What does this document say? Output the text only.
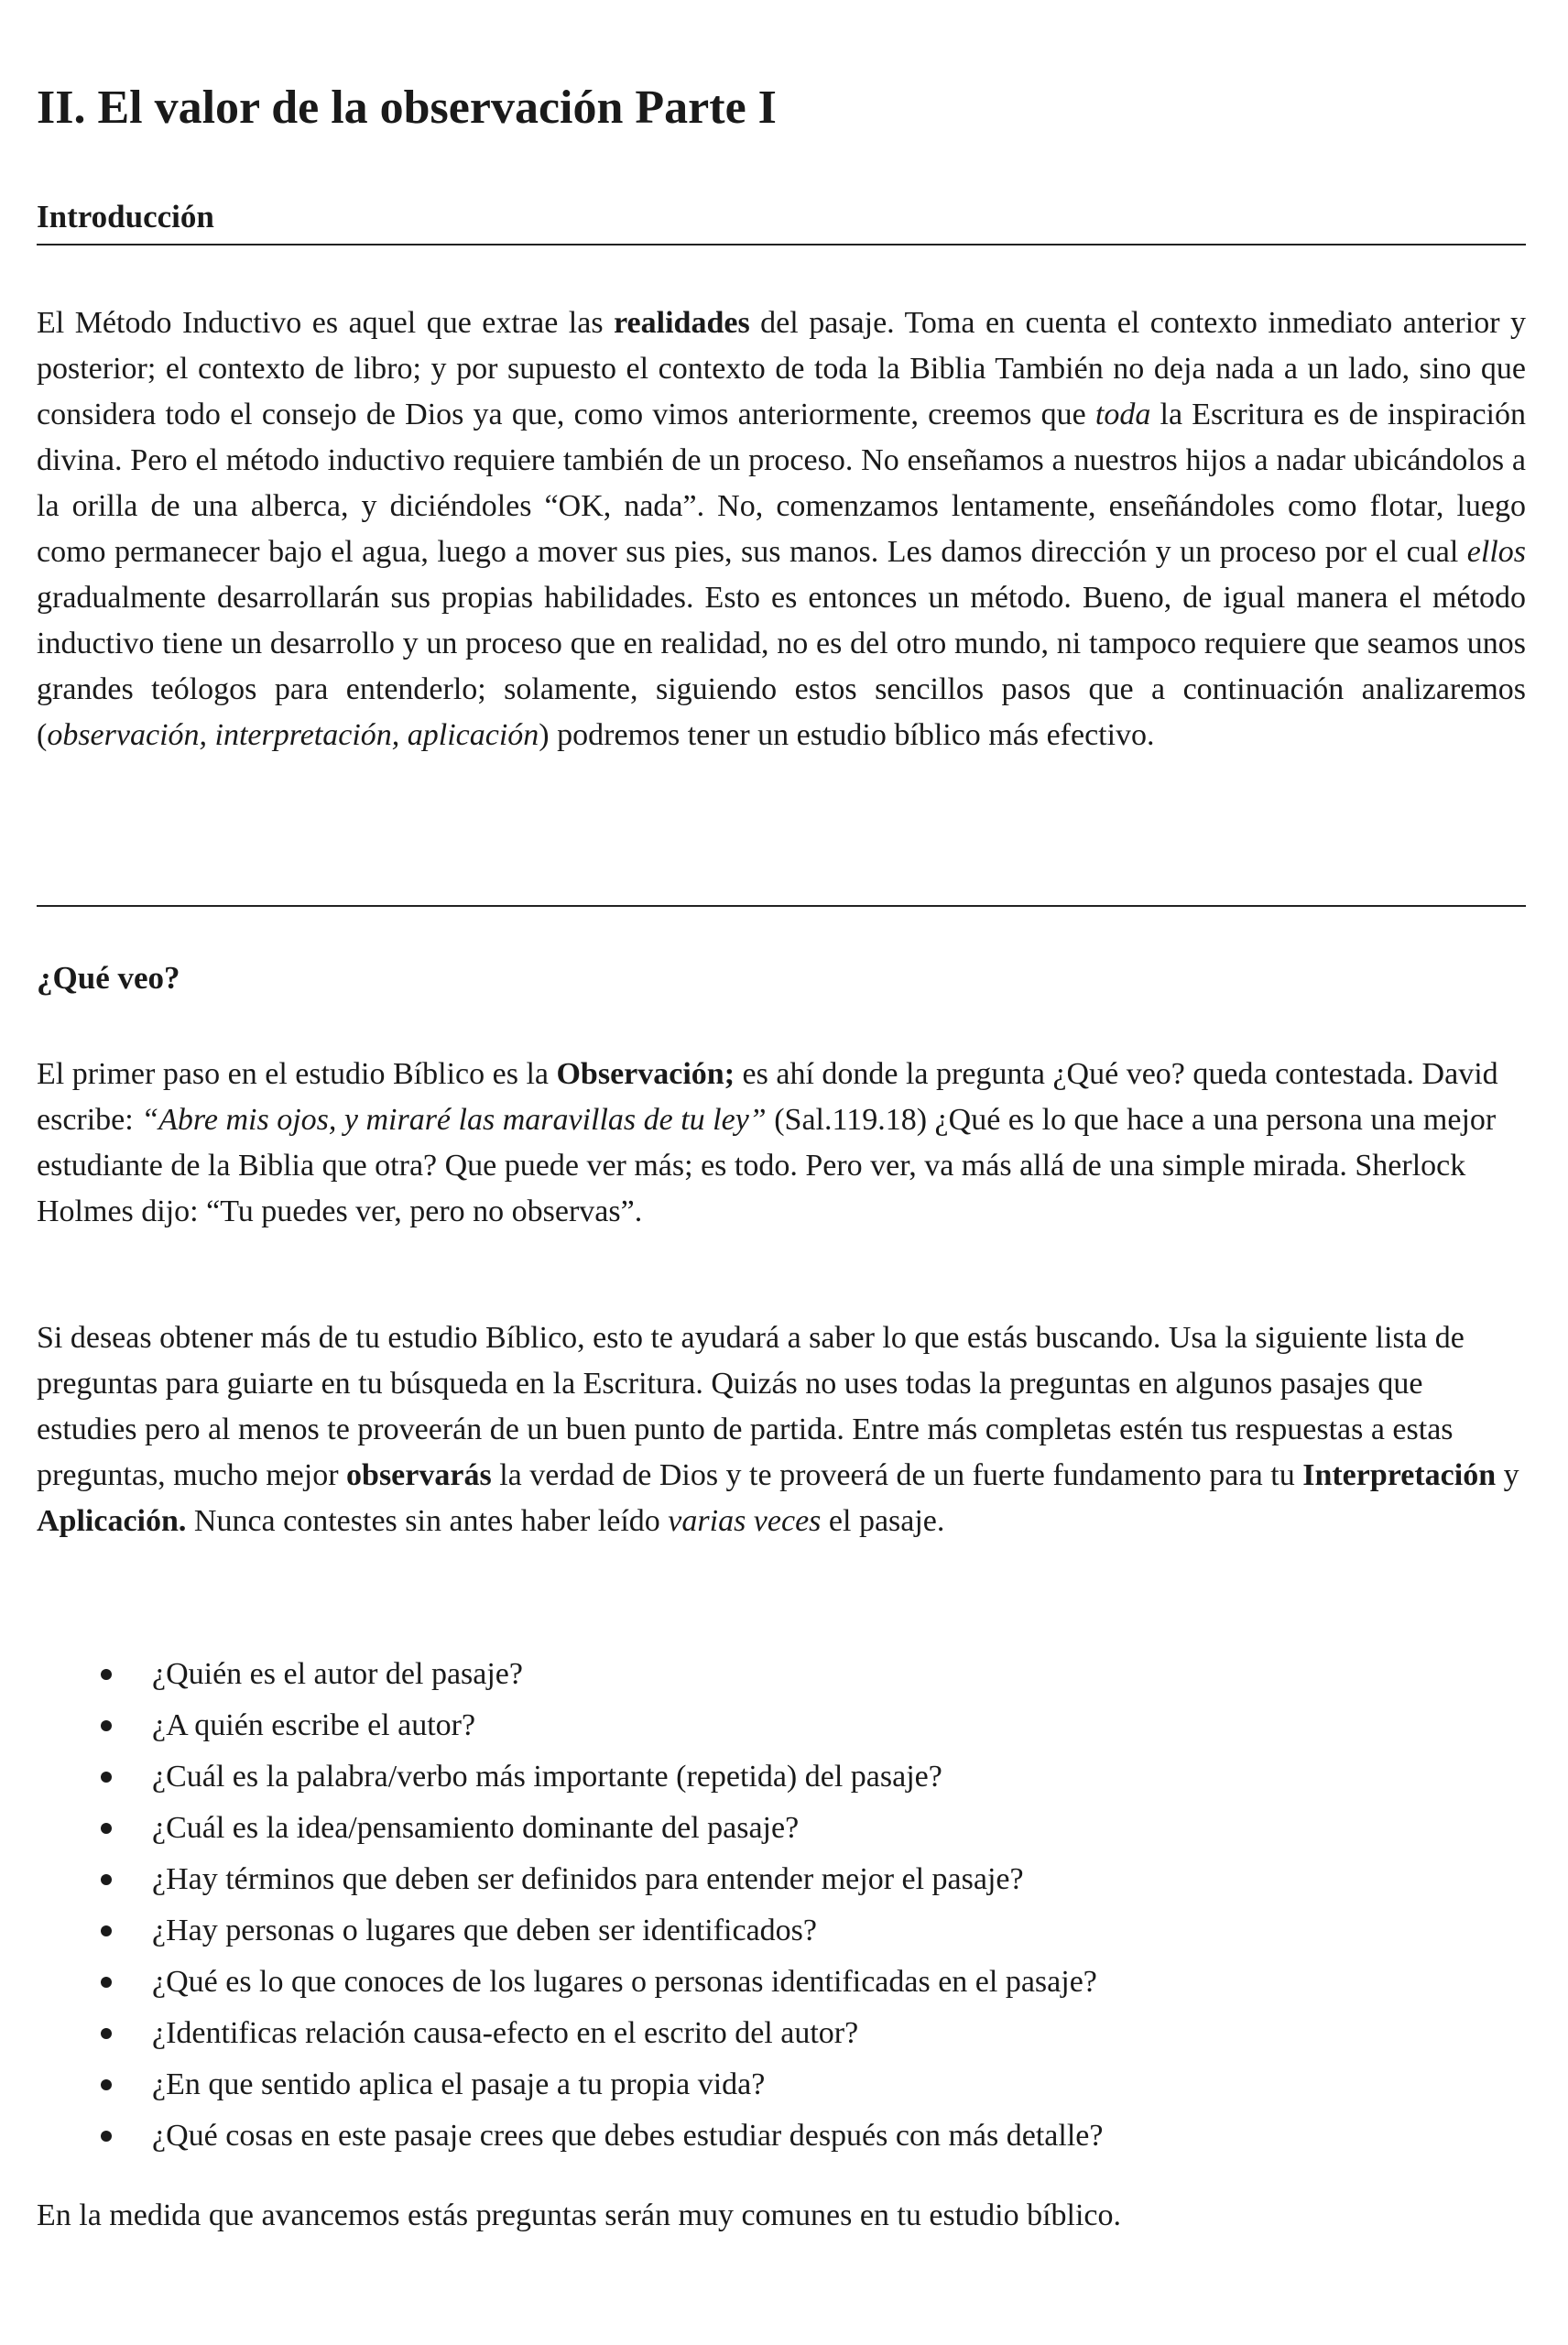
II. El valor de la observación Parte I
Introducción
El Método Inductivo es aquel que extrae las realidades del pasaje. Toma en cuenta el contexto inmediato anterior y posterior; el contexto de libro; y por supuesto el contexto de toda la Biblia También no deja nada a un lado, sino que considera todo el consejo de Dios ya que, como vimos anteriormente, creemos que toda la Escritura es de inspiración divina. Pero el método inductivo requiere también de un proceso. No enseñamos a nuestros hijos a nadar ubicándolos a la orilla de una alberca, y diciéndoles “OK, nada”. No, comenzamos lentamente, enseñándoles como flotar, luego como permanecer bajo el agua, luego a mover sus pies, sus manos. Les damos dirección y un proceso por el cual ellos gradualmente desarrollarán sus propias habilidades. Esto es entonces un método. Bueno, de igual manera el método inductivo tiene un desarrollo y un proceso que en realidad, no es del otro mundo, ni tampoco requiere que seamos unos grandes teólogos para entenderlo; solamente, siguiendo estos sencillos pasos que a continuación analizaremos (observación, interpretación, aplicación) podremos tener un estudio bíblico más efectivo.
¿Qué veo?
El primer paso en el estudio Bíblico es la Observación; es ahí donde la pregunta ¿Qué veo? queda contestada. David escribe: “Abre mis ojos, y miraré las maravillas de tu ley” (Sal.119.18) ¿Qué es lo que hace a una persona una mejor estudiante de la Biblia que otra? Que puede ver más; es todo. Pero ver, va más allá de una simple mirada. Sherlock Holmes dijo: “Tu puedes ver, pero no observas”.
Si deseas obtener más de tu estudio Bíblico, esto te ayudará a saber lo que estás buscando. Usa la siguiente lista de preguntas para guiarte en tu búsqueda en la Escritura. Quizás no uses todas la preguntas en algunos pasajes que estudies pero al menos te proveerán de un buen punto de partida. Entre más completas estén tus respuestas a estas preguntas, mucho mejor observarás la verdad de Dios y te proveerá de un fuerte fundamento para tu Interpretación y Aplicación. Nunca contestes sin antes haber leído varias veces el pasaje.
¿Quién es el autor del pasaje?
¿A quién escribe el autor?
¿Cuál es la palabra/verbo más importante (repetida) del pasaje?
¿Cuál es la idea/pensamiento dominante del pasaje?
¿Hay términos que deben ser definidos para entender mejor el pasaje?
¿Hay personas o lugares que deben ser identificados?
¿Qué es lo que conoces de los lugares o personas identificadas en el pasaje?
¿Identificas relación causa-efecto en el escrito del autor?
¿En que sentido aplica el pasaje a tu propia vida?
¿Qué cosas en este pasaje crees que debes estudiar después con más detalle?
En la medida que avancemos estás preguntas serán muy comunes en tu estudio bíblico.
